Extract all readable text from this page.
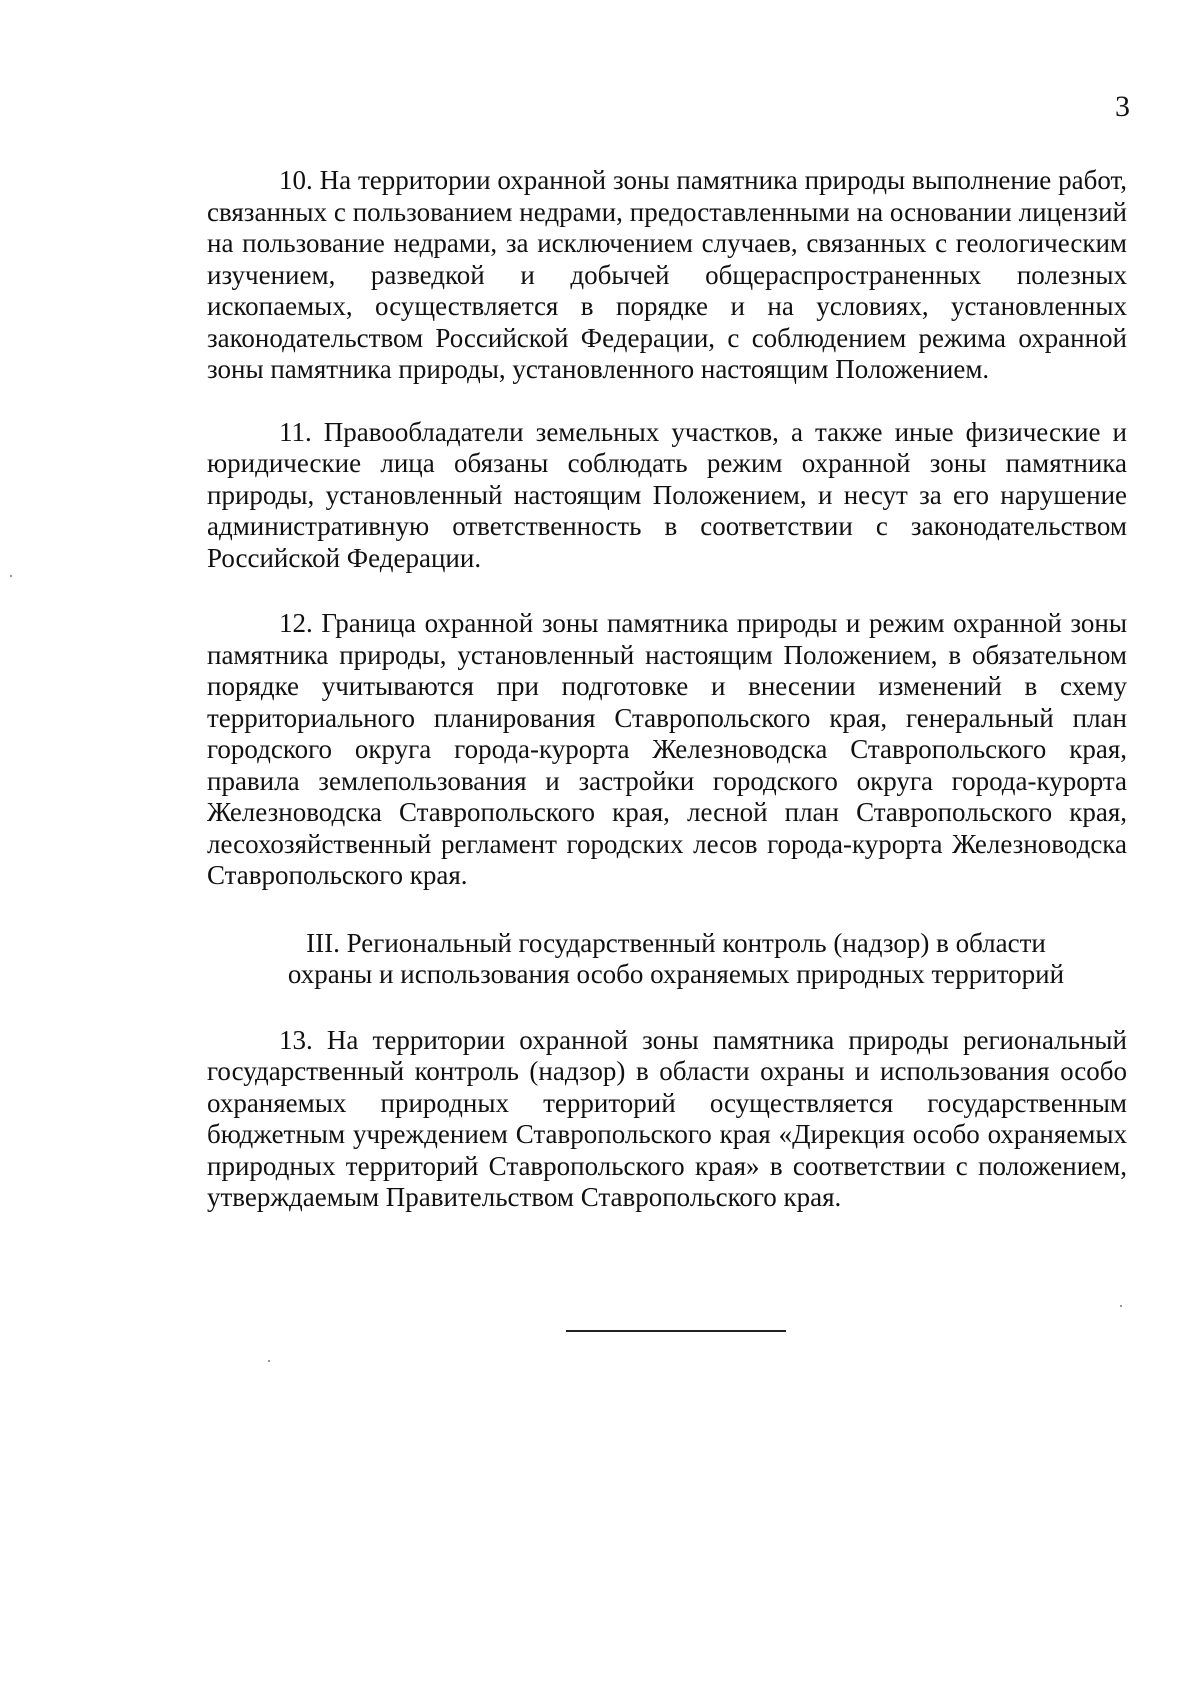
3

10. На территории охранной зоны памятника природы выполнение работ, связанных с пользованием недрами, предоставленными на основании лицензий на пользование недрами, за исключением случаев, связанных с геологическим изучением, разведкой и добычей общераспространенных полезных ископаемых, осуществляется в порядке и на условиях, установленных законодательством Российской Федерации, с соблюдением режима охранной зоны памятника природы, установленного настоящим Положением.

11. Правообладатели земельных участков, а также иные физические и юридические лица обязаны соблюдать режим охранной зоны памятника природы, установленный настоящим Положением, и несут за его нарушение административную ответственность в соответствии с законодательством Российской Федерации.

12. Граница охранной зоны памятника природы и режим охранной зоны памятника природы, установленный настоящим Положением, в обязательном порядке учитываются при подготовке и внесении изменений в схему территориального планирования Ставропольского края, генеральный план городского округа города-курорта Железноводска Ставропольского края, правила землепользования и застройки городского округа города-курорта Железноводска Ставропольского края, лесной план Ставропольского края, лесохозяйственный регламент городских лесов города-курорта Железноводска Ставропольского края.

III. Региональный государственный контроль (надзор) в области
охраны и использования особо охраняемых природных территорий

13. На территории охранной зоны памятника природы региональный государственный контроль (надзор) в области охраны и использования особо охраняемых природных территорий осуществляется государственным бюджетным учреждением Ставропольского края «Дирекция особо охраняемых природных территорий Ставропольского края» в соответствии с положением, утверждаемым Правительством Ставропольского края.
